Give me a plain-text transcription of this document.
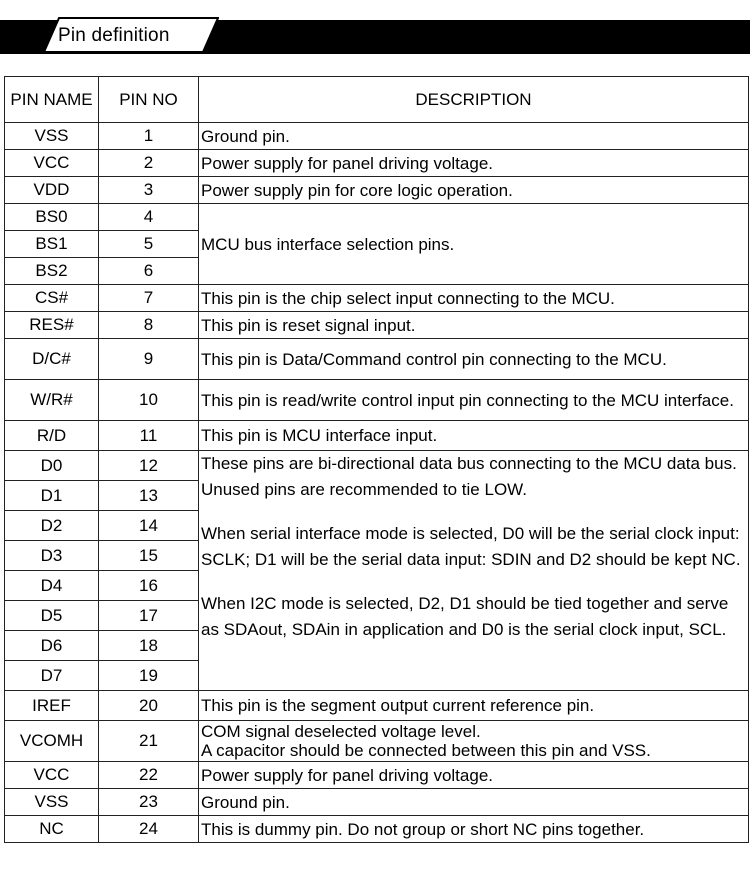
Pin definition
PIN NAME	PIN NO	DESCRIPTION
VSS	1	Ground pin.
VCC	2	Power supply for panel driving voltage.
VDD	3	Power supply pin for core logic operation.
BS0	4	MCU bus interface selection pins.
BS1	5	
BS2	6	
CS#	7	This pin is the chip select input connecting to the MCU.
RES#	8	This pin is reset signal input.
D/C#	9	This pin is Data/Command control pin connecting to the MCU.
W/R#	10	This pin is read/write control input pin connecting to the MCU interface.
R/D	11	This pin is MCU interface input.
D0	12	These pins are bi-directional data bus connecting to the MCU data bus. Unused pins are recommended to tie LOW.

When serial interface mode is selected, D0 will be the serial clock input: SCLK; D1 will be the serial data input: SDIN and D2 should be kept NC.

When I2C mode is selected, D2, D1 should be tied together and serve as SDAout, SDAin in application and D0 is the serial clock input, SCL.

D1	13	
D2	14	
D3	15	
D4	16	
D5	17	
D6	18	
D7	19	
IREF	20	This pin is the segment output current reference pin.
VCOMH	21	COM signal deselected voltage level.
A capacitor should be connected between this pin and VSS.

VCC	22	Power supply for panel driving voltage.
VSS	23	Ground pin.
NC	24	This is dummy pin. Do not group or short NC pins together.
